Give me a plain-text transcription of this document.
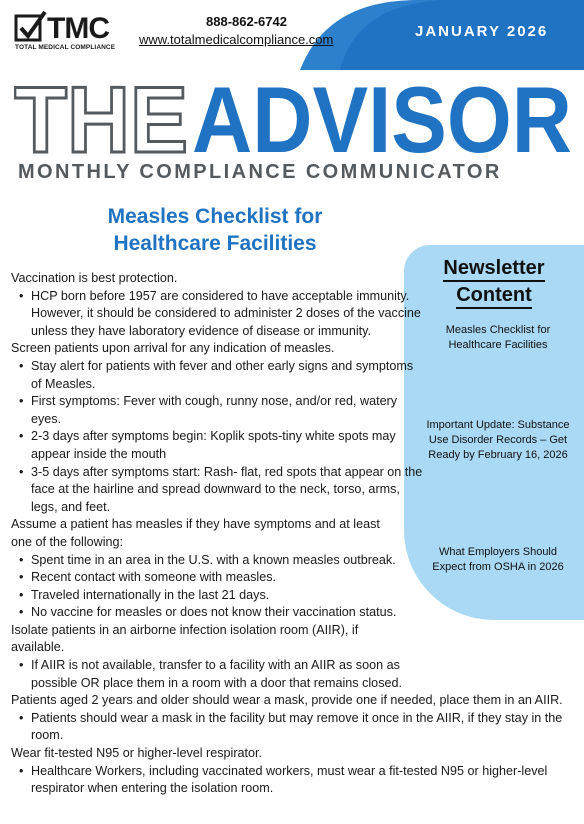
TMC
TOTAL MEDICAL COMPLIANCE
888-862-6742
www.totalmedicalcompliance.com	JANUARY 2026
THE ADVISOR
MONTHLY COMPLIANCE COMMUNICATOR
Measles Checklist for
Healthcare Facilities
Newsletter
Content
Measles Checklist for Healthcare Facilities
Important Update: Substance Use Disorder Records – Get Ready by February 16, 2026
What Employers Should Expect from OSHA in 2026

Vaccination is best protection.

• HCP born before 1957 are considered to have acceptable immunity. However, it should be considered to administer 2 doses of the vaccine unless they have laboratory evidence of disease or immunity.

Screen patients upon arrival for any indication of measles.

• Stay alert for patients with fever and other early signs and symptoms of Measles.
• First symptoms: Fever with cough, runny nose, and/or red, watery eyes.
• 2-3 days after symptoms begin: Koplik spots-tiny white spots may appear inside the mouth
• 3-5 days after symptoms start: Rash- flat, red spots that appear on the face at the hairline and spread downward to the neck, torso, arms, legs, and feet.

Assume a patient has measles if they have symptoms and at least one of the following:

• Spent time in an area in the U.S. with a known measles outbreak.
• Recent contact with someone with measles.
• Traveled internationally in the last 21 days.
• No vaccine for measles or does not know their vaccination status.

Isolate patients in an airborne infection isolation room (AIIR), if available.

• If AIIR is not available, transfer to a facility with an AIIR as soon as possible OR place them in a room with a door that remains closed.

Patients aged 2 years and older should wear a mask, provide one if needed, place them in an AIIR.

• Patients should wear a mask in the facility but may remove it once in the AIIR, if they stay in the room.

Wear fit-tested N95 or higher-level respirator.

• Healthcare Workers, including vaccinated workers, must wear a fit-tested N95 or higher-level respirator when entering the isolation room.
